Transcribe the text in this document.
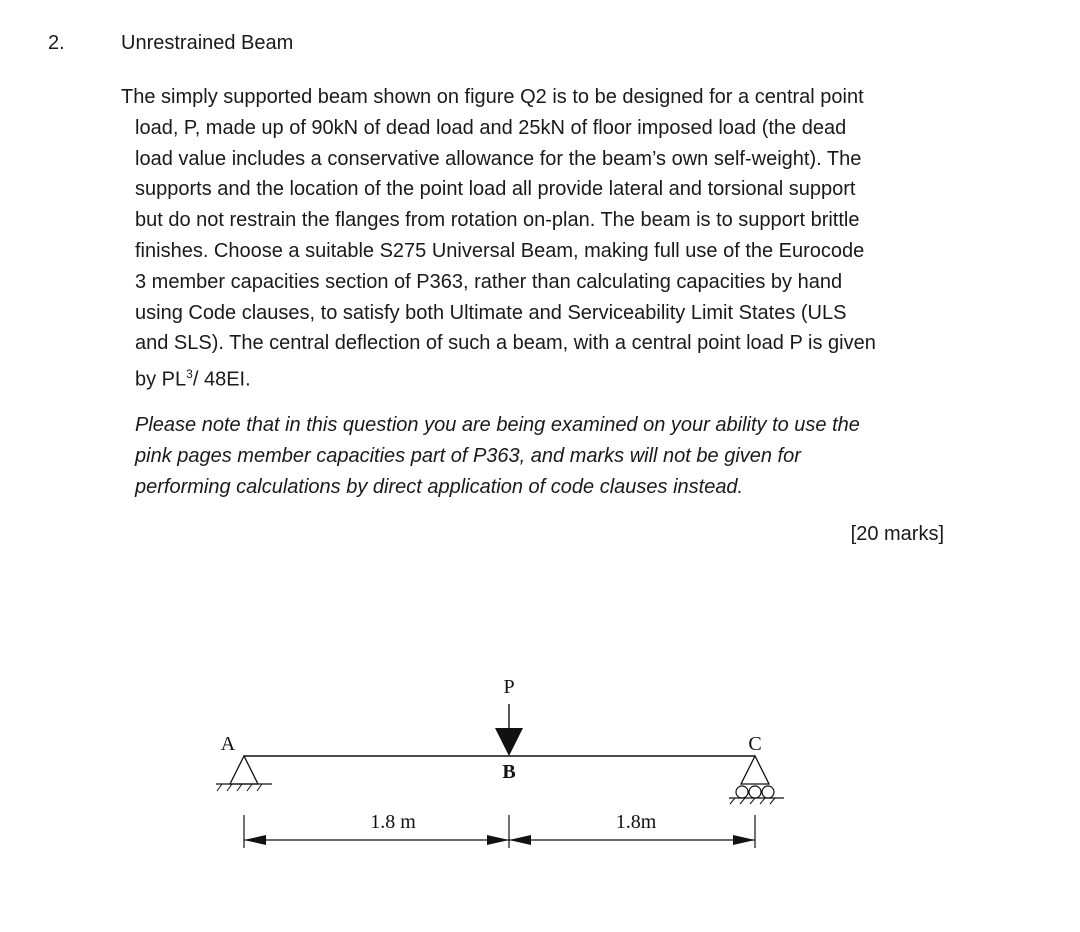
2.	Unrestrained Beam
The simply supported beam shown on figure Q2 is to be designed for a central point
load, P, made up of 90kN of dead load and 25kN of floor imposed load (the dead
load value includes a conservative allowance for the beam’s own self-weight). The
supports and the location of the point load all provide lateral and torsional support
but do not restrain the flanges from rotation on-plan. The beam is to support brittle
finishes. Choose a suitable S275 Universal Beam, making full use of the Eurocode
3 member capacities section of P363, rather than calculating capacities by hand
using Code clauses, to satisfy both Ultimate and Serviceability Limit States (ULS
and SLS). The central deflection of such a beam, with a central point load P is given
by $PL^3/$ 48EI.
Please note that in this question you are being examined on your ability to use the
pink pages member capacities part of P363, and marks will not be given for
performing calculations by direct application of code clauses instead.
[20 marks]
P
B
A	C
1.8 m	1.8m
